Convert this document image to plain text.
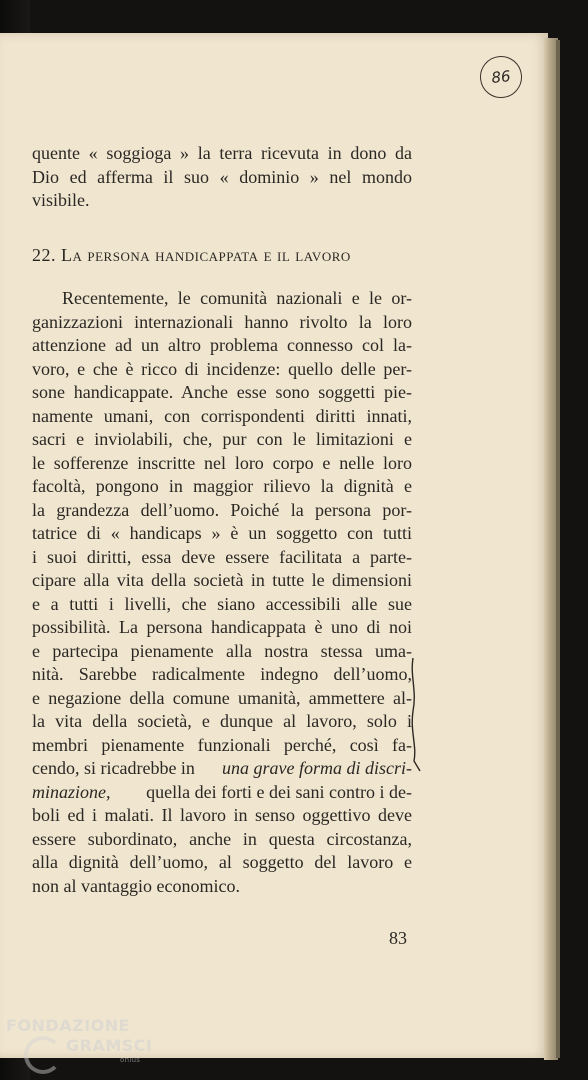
86
quente « soggioga » la terra ricevuta in dono da
Dio ed afferma il suo « dominio » nel mondo
visibile.
22. La persona handicappata e il lavoro
Recentemente, le comunità nazionali e le or-
ganizzazioni internazionali hanno rivolto la loro
attenzione ad un altro problema connesso col la-
voro, e che è ricco di incidenze: quello delle per-
sone handicappate. Anche esse sono soggetti pie-
namente umani, con corrispondenti diritti innati,
sacri e inviolabili, che, pur con le limitazioni e
le sofferenze inscritte nel loro corpo e nelle loro
facoltà, pongono in maggior rilievo la dignità e
la grandezza dell’uomo. Poiché la persona por-
tatrice di « handicaps » è un soggetto con tutti
i suoi diritti, essa deve essere facilitata a parte-
cipare alla vita della società in tutte le dimensioni
e a tutti i livelli, che siano accessibili alle sue
possibilità. La persona handicappata è uno di noi
e partecipa pienamente alla nostra stessa uma-
nità. Sarebbe radicalmente indegno dell’uomo,
e negazione della comune umanità, ammettere al-
la vita della società, e dunque al lavoro, solo i
membri pienamente funzionali perché, così fa-
cendo, si ricadrebbe in una grave forma di discri-
minazione, quella dei forti e dei sani contro i de-
boli ed i malati. Il lavoro in senso oggettivo deve
essere subordinato, anche in questa circostanza,
alla dignità dell’uomo, al soggetto del lavoro e
non al vantaggio economico.
83
FONDAZIONE
GRAMSCI
onlus
